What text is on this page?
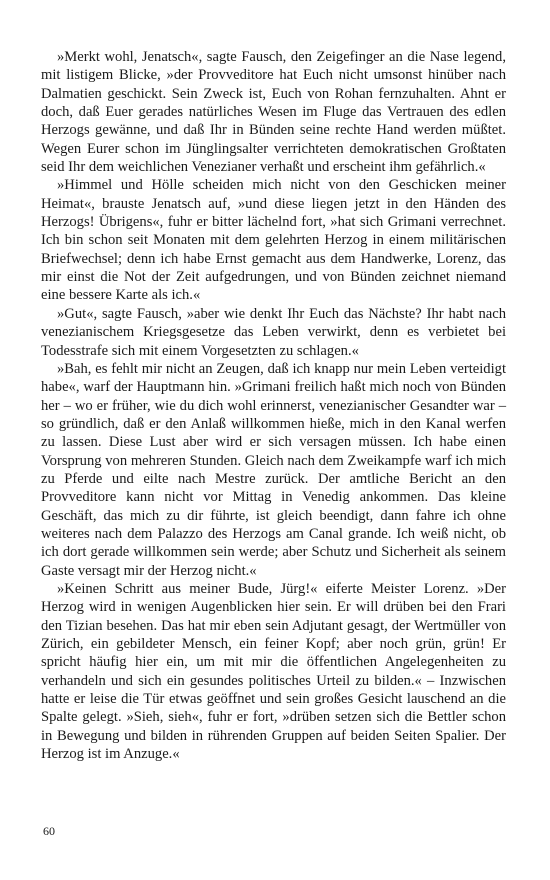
»Merkt wohl, Jenatsch«, sagte Fausch, den Zeigefinger an die Nase legend, mit listigem Blicke, »der Provveditore hat Euch nicht umsonst hinüber nach Dalmatien geschickt. Sein Zweck ist, Euch von Rohan fernzuhalten. Ahnt er doch, daß Euer gerades natürliches Wesen im Fluge das Vertrauen des edlen Herzogs gewänne, und daß Ihr in Bünden seine rechte Hand werden müßtet. Wegen Eurer schon im Jünglingsalter verrichteten demokratischen Großtaten seid Ihr dem weichlichen Venezianer verhaßt und erscheint ihm gefährlich.«

»Himmel und Hölle scheiden mich nicht von den Geschicken meiner Heimat«, brauste Jenatsch auf, »und diese liegen jetzt in den Händen des Herzogs! Übrigens«, fuhr er bitter lächelnd fort, »hat sich Grimani verrechnet. Ich bin schon seit Monaten mit dem gelehrten Herzog in einem militärischen Briefwechsel; denn ich habe Ernst gemacht aus dem Handwerke, Lorenz, das mir einst die Not der Zeit aufgedrungen, und von Bünden zeichnet niemand eine bessere Karte als ich.«

»Gut«, sagte Fausch, »aber wie denkt Ihr Euch das Nächste? Ihr habt nach venezianischem Kriegsgesetze das Leben verwirkt, denn es verbietet bei Todesstrafe sich mit einem Vorgesetzten zu schlagen.«

»Bah, es fehlt mir nicht an Zeugen, daß ich knapp nur mein Leben verteidigt habe«, warf der Hauptmann hin. »Grimani freilich haßt mich noch von Bünden her – wo er früher, wie du dich wohl erinnerst, venezianischer Gesandter war – so gründlich, daß er den Anlaß willkommen hieße, mich in den Kanal werfen zu lassen. Diese Lust aber wird er sich versagen müssen. Ich habe einen Vorsprung von mehreren Stunden. Gleich nach dem Zweikampfe warf ich mich zu Pferde und eilte nach Mestre zurück. Der amtliche Bericht an den Provveditore kann nicht vor Mittag in Venedig ankommen. Das kleine Geschäft, das mich zu dir führte, ist gleich beendigt, dann fahre ich ohne weiteres nach dem Palazzo des Herzogs am Canal grande. Ich weiß nicht, ob ich dort gerade willkommen sein werde; aber Schutz und Sicherheit als seinem Gaste versagt mir der Herzog nicht.«

»Keinen Schritt aus meiner Bude, Jürg!« eiferte Meister Lorenz. »Der Herzog wird in wenigen Augenblicken hier sein. Er will drüben bei den Frari den Tizian besehen. Das hat mir eben sein Adjutant gesagt, der Wertmüller von Zürich, ein gebildeter Mensch, ein feiner Kopf; aber noch grün, grün! Er spricht häufig hier ein, um mit mir die öffentlichen Angelegenheiten zu verhandeln und sich ein gesundes politisches Urteil zu bilden.« – Inzwischen hatte er leise die Tür etwas geöffnet und sein großes Gesicht lauschend an die Spalte gelegt. »Sieh, sieh«, fuhr er fort, »drüben setzen sich die Bettler schon in Bewegung und bilden in rührenden Gruppen auf beiden Seiten Spalier. Der Herzog ist im Anzuge.«

60
